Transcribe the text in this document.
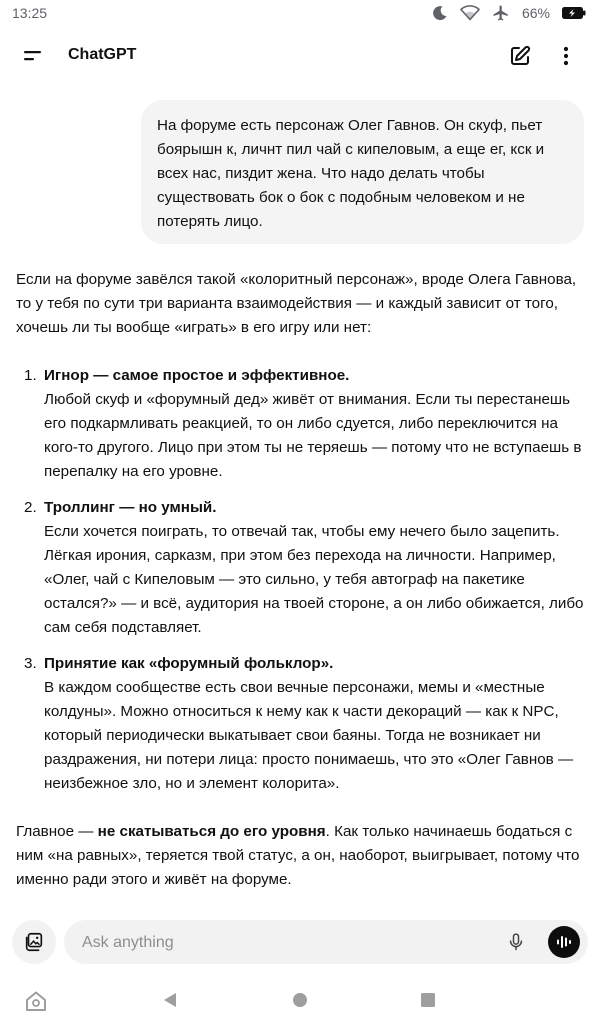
13:25	66%
ChatGPT
На форуме есть персонаж Олег Гавнов. Он скуф, пьет боярышн к, личнт пил чай с кипеловым, а еще ег, кск и всех нас, пиздит жена. Что надо делать чтобы существовать бок о бок с подобным человеком и не потерять лицо.

Если на форуме завёлся такой «колоритный персонаж», вроде Олега Гавнова, то у тебя по сути три варианта взаимодействия — и каждый зависит от того, хочешь ли ты вообще «играть» в его игру или нет:

1. Игнор — самое простое и эффективное.
Любой скуф и «форумный дед» живёт от внимания. Если ты перестанешь его подкармливать реакцией, то он либо сдуется, либо переключится на кого-то другого. Лицо при этом ты не теряешь — потому что не вступаешь в перепалку на его уровне.
2. Троллинг — но умный.
Если хочется поиграть, то отвечай так, чтобы ему нечего было зацепить. Лёгкая ирония, сарказм, при этом без перехода на личности. Например, «Олег, чай с Кипеловым — это сильно, у тебя автограф на пакетике остался?» — и всё, аудитория на твоей стороне, а он либо обижается, либо сам себя подставляет.
3. Принятие как «форумный фольклор».
В каждом сообществе есть свои вечные персонажи, мемы и «местные колдуны». Можно относиться к нему как к части декораций — как к NPC, который периодически выкатывает свои баяны. Тогда не возникает ни раздражения, ни потери лица: просто понимаешь, что это «Олег Гавнов — неизбежное зло, но и элемент колорита».

Главное — не скатываться до его уровня. Как только начинаешь бодаться с ним «на равных», теряется твой статус, а он, наоборот, выигрывает, потому что именно ради этого и живёт на форуме.

Ask anything
